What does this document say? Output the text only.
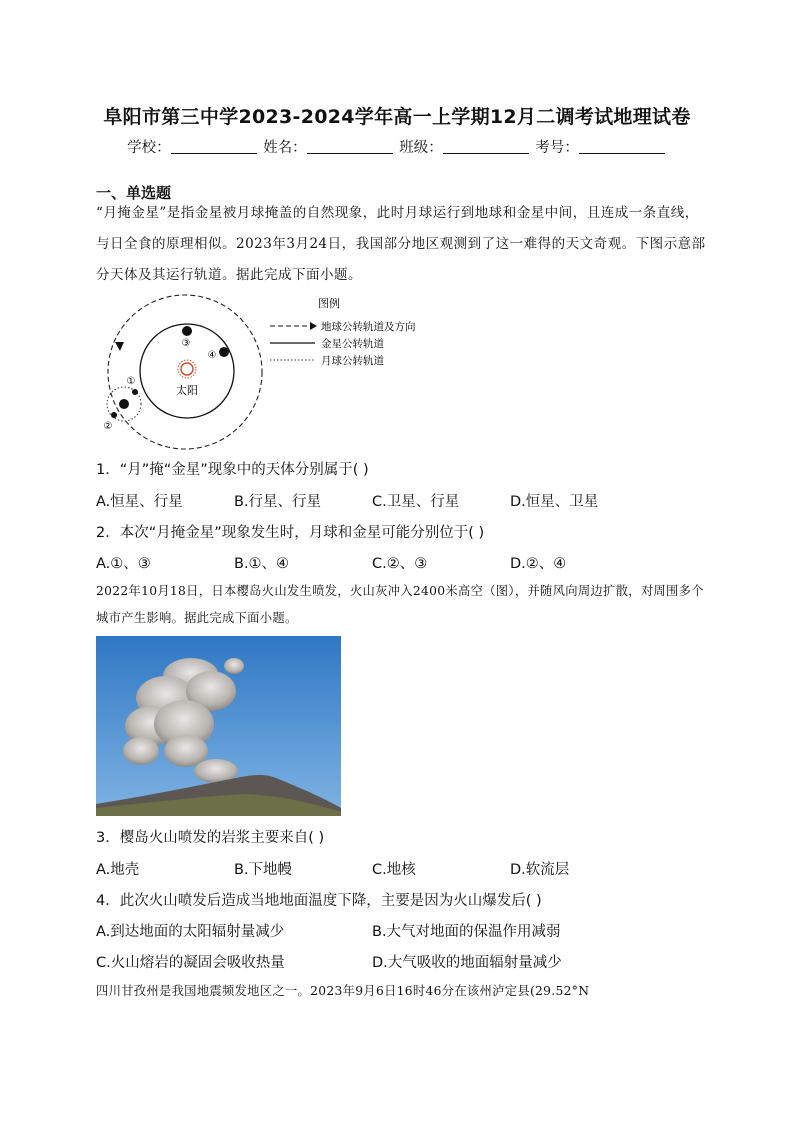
阜阳市第三中学2023-2024学年高一上学期12月二调考试地理试卷
学校：	姓名：	班级：	考号：
一、单选题
“月掩金星”是指金星被月球掩盖的自然现象，此时月球运行到地球和金星中间，且连成一条直线，与日全食的原理相似。2023年3月24日，我国部分地区观测到了这一难得的天文奇观。下图示意部分天体及其运行轨道。据此完成下面小题。
太阳
①
②
③
④
图例
地球公转轨道及方向
金星公转轨道
月球公转轨道
1．“月”掩“金星”现象中的天体分别属于( )
A.恒星、行星	B.行星、行星	C.卫星、行星	D.恒星、卫星
2．本次“月掩金星”现象发生时，月球和金星可能分别位于( )
A.①、③	B.①、④	C.②、③	D.②、④
2022年10月18日，日本樱岛火山发生喷发，火山灰冲入2400米高空（图），并随风向周边扩散，对周围多个城市产生影响。据此完成下面小题。
3．樱岛火山喷发的岩浆主要来自( )
A.地壳	B.下地幔	C.地核	D.软流层
4．此次火山喷发后造成当地地面温度下降，主要是因为火山爆发后( )
A.到达地面的太阳辐射量减少	B.大气对地面的保温作用减弱
C.火山熔岩的凝固会吸收热量	D.大气吸收的地面辐射量减少
四川甘孜州是我国地震频发地区之一。2023年9月6日16时46分在该州泸定县(29.52°N
